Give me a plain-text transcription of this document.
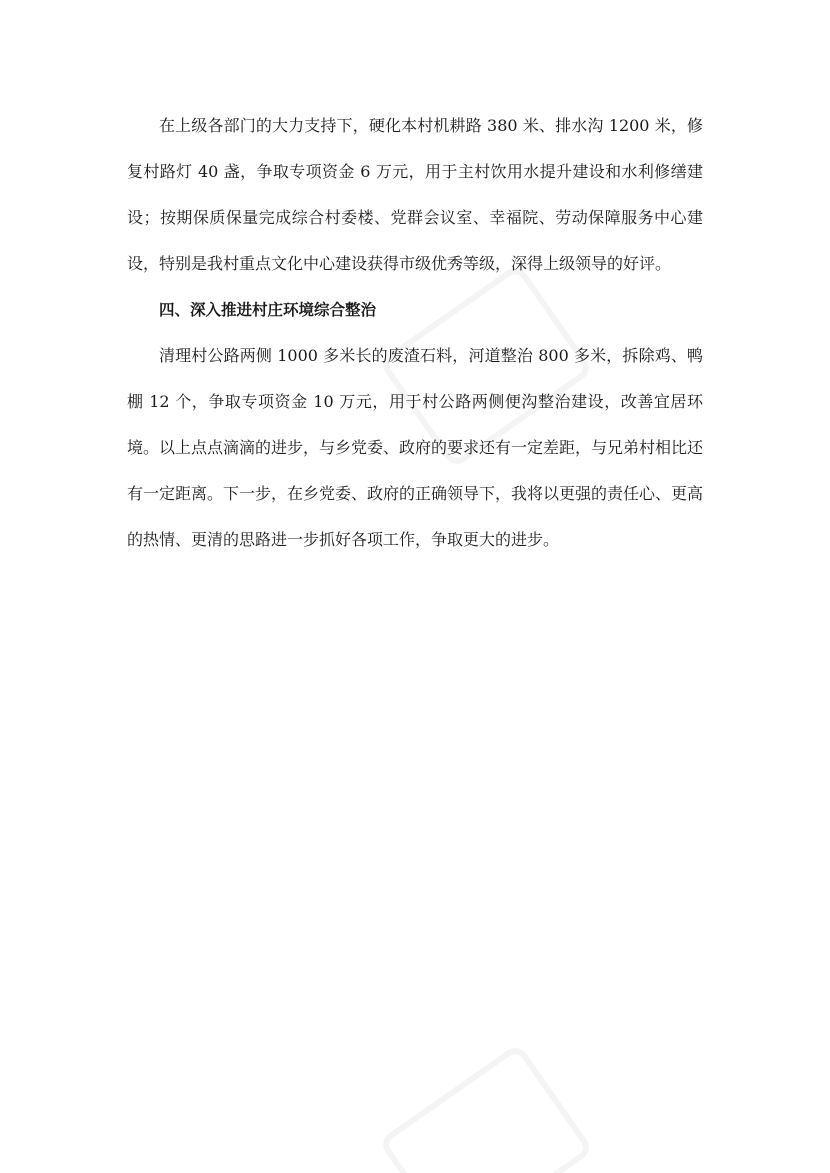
在上级各部门的大力支持下，硬化本村机耕路 380 米、排水沟 1200 米，修复村路灯 40 盏，争取专项资金 6 万元，用于主村饮用水提升建设和水利修缮建设；按期保质保量完成综合村委楼、党群会议室、幸福院、劳动保障服务中心建设，特别是我村重点文化中心建设获得市级优秀等级，深得上级领导的好评。

四、深入推进村庄环境综合整治

清理村公路两侧 1000 多米长的废渣石料，河道整治 800 多米，拆除鸡、鸭棚 12 个，争取专项资金 10 万元，用于村公路两侧便沟整治建设，改善宜居环境。以上点点滴滴的进步，与乡党委、政府的要求还有一定差距，与兄弟村相比还有一定距离。下一步，在乡党委、政府的正确领导下，我将以更强的责任心、更高的热情、更清的思路进一步抓好各项工作，争取更大的进步。
